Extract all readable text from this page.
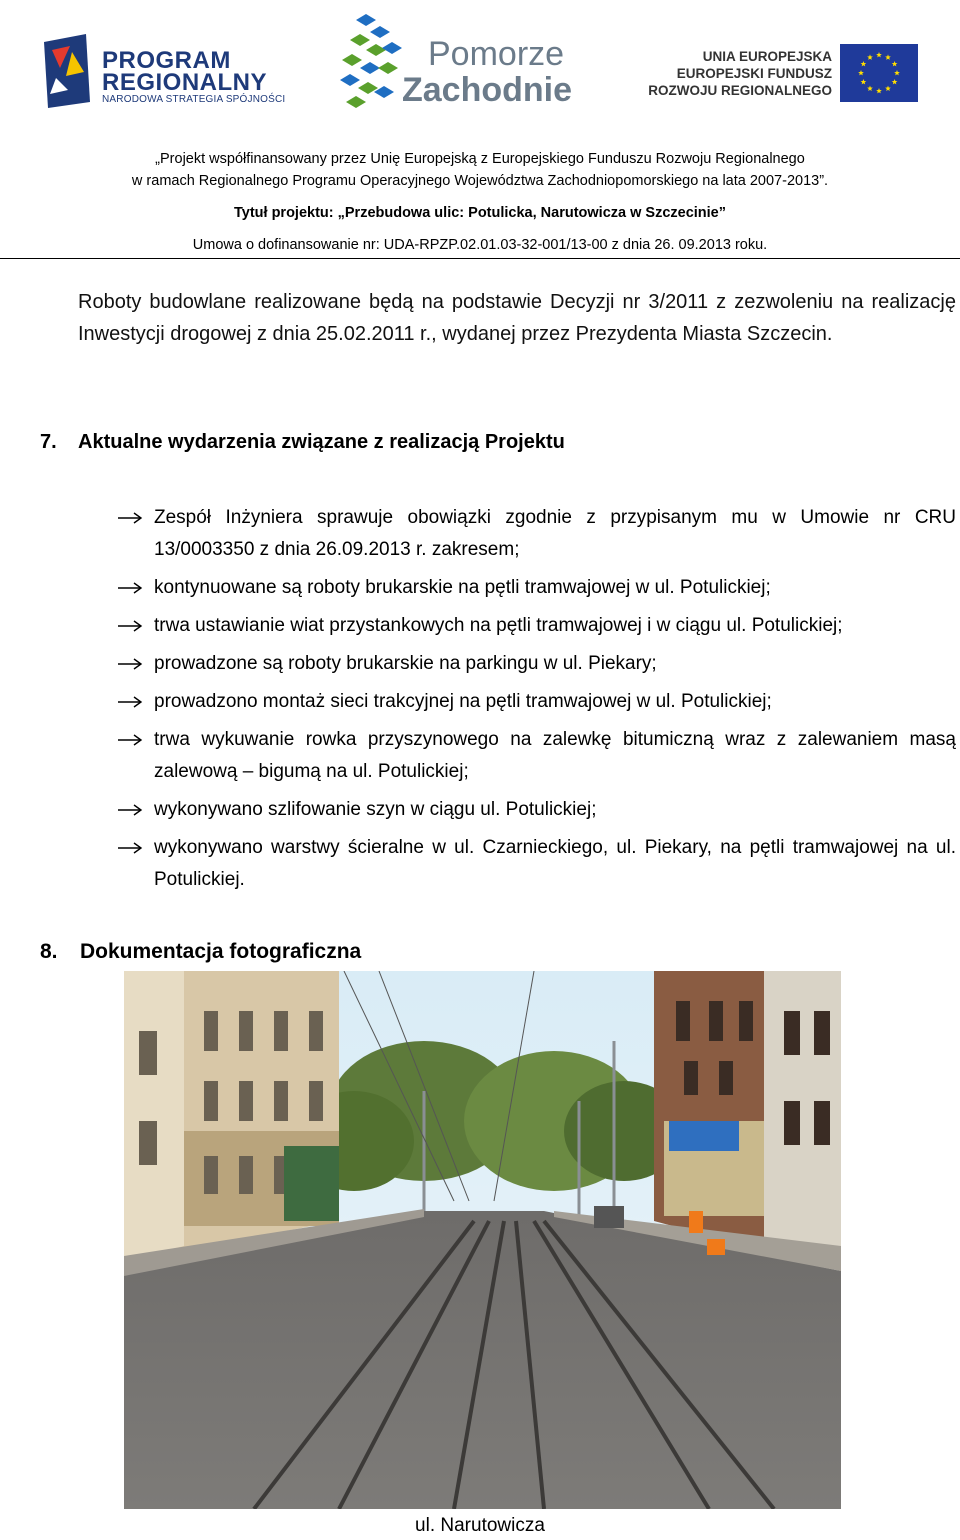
PROGRAM
REGIONALNY
NARODOWA STRATEGIA SPÓJNOŚCI
Pomorze
Zachodnie
UNIA EUROPEJSKA
EUROPEJSKI FUNDUSZ
ROZWOJU REGIONALNEGO
„Projekt współfinansowany przez Unię Europejską z Europejskiego Funduszu Rozwoju Regionalnego
w ramach Regionalnego Programu Operacyjnego Województwa Zachodniopomorskiego na lata 2007-2013”.
Tytuł projektu: „Przebudowa ulic: Potulicka, Narutowicza w Szczecinie”
Umowa o dofinansowanie nr: UDA-RPZP.02.01.03-32-001/13-00 z dnia 26. 09.2013 roku.
Roboty budowlane realizowane będą na podstawie Decyzji nr 3/2011 z zezwoleniu na realizację Inwestycji drogowej z dnia 25.02.2011 r., wydanej przez Prezydenta Miasta Szczecin.
7. Aktualne wydarzenia związane z realizacją Projektu
Zespół Inżyniera sprawuje obowiązki zgodnie z przypisanym mu w Umowie nr CRU 13/0003350 z dnia 26.09.2013 r. zakresem;
kontynuowane są roboty brukarskie na pętli tramwajowej w ul. Potulickiej;
trwa ustawianie wiat przystankowych na pętli tramwajowej i w ciągu ul. Potulickiej;
prowadzone są roboty brukarskie na parkingu w ul. Piekary;
prowadzono montaż sieci trakcyjnej na pętli tramwajowej w ul. Potulickiej;
trwa wykuwanie rowka przyszynowego na zalewkę bitumiczną wraz z zalewaniem masą zalewową – bigumą na ul. Potulickiej;
wykonywano szlifowanie szyn w ciągu ul. Potulickiej;
wykonywano warstwy ścieralne w ul. Czarnieckiego, ul. Piekary, na pętli tramwajowej na ul. Potulickiej.
8. Dokumentacja fotograficzna
ul. Narutowicza
